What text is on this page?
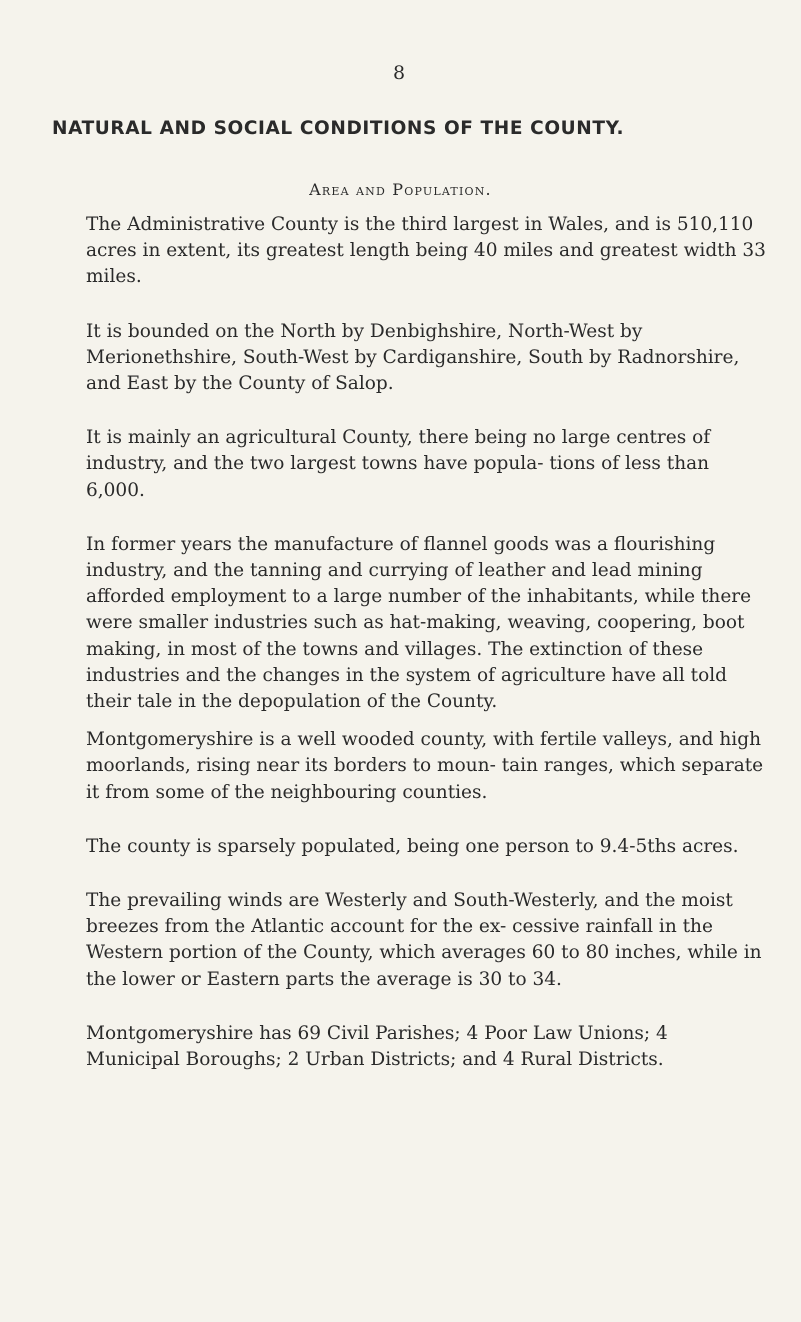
8
NATURAL AND SOCIAL CONDITIONS OF THE COUNTY.
Area and Population.

The Administrative County is the third largest in Wales, and is 510,110 acres in extent, its greatest length being 40 miles and greatest width 33 miles.

It is bounded on the North by Denbighshire, North-West by Merionethshire, South-West by Cardiganshire, South by Radnorshire, and East by the County of Salop.

It is mainly an agricultural County, there being no large centres of industry, and the two largest towns have popula- tions of less than 6,000.

In former years the manufacture of flannel goods was a flourishing industry, and the tanning and currying of leather and lead mining afforded employment to a large number of the inhabitants, while there were smaller industries such as hat-making, weaving, coopering, boot making, in most of the towns and villages. The extinction of these industries and the changes in the system of agriculture have all told their tale in the depopulation of the County.

Montgomeryshire is a well wooded county, with fertile valleys, and high moorlands, rising near its borders to moun- tain ranges, which separate it from some of the neighbouring counties.

The county is sparsely populated, being one person to 9.4-5ths acres.

The prevailing winds are Westerly and South-Westerly, and the moist breezes from the Atlantic account for the ex- cessive rainfall in the Western portion of the County, which averages 60 to 80 inches, while in the lower or Eastern parts the average is 30 to 34.

Montgomeryshire has 69 Civil Parishes; 4 Poor Law Unions; 4 Municipal Boroughs; 2 Urban Districts; and 4 Rural Districts.
